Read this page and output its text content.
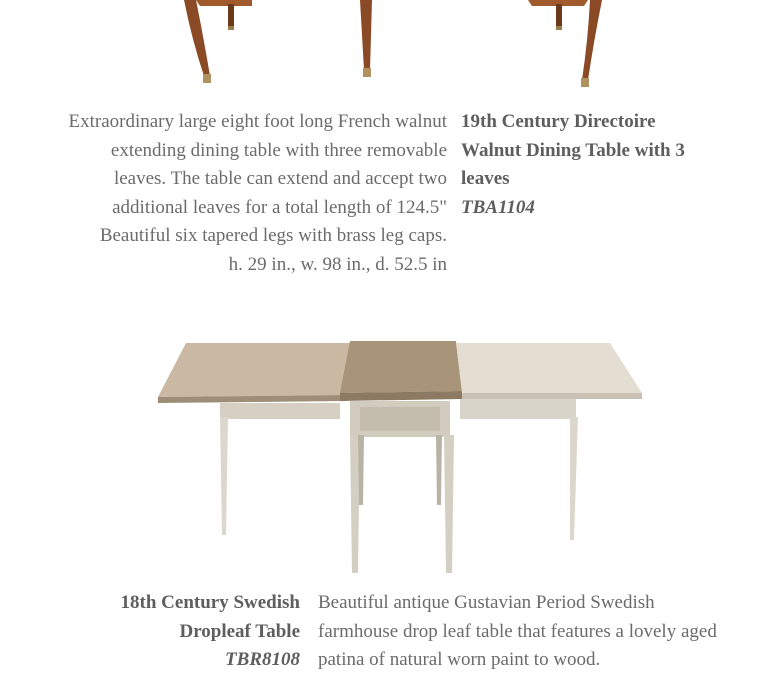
Extraordinary large eight foot long French walnut extending dining table with three removable leaves. The table can extend and accept two additional leaves for a total length of 124.5" Beautiful six tapered legs with brass leg caps.
h. 29 in., w. 98 in., d. 52.5 in
19th Century Directoire Walnut Dining Table with 3 leaves
TBA1104
18th Century Swedish Dropleaf Table
TBR8108
Beautiful antique Gustavian Period Swedish farmhouse drop leaf table that features a lovely aged patina of natural worn paint to wood.
